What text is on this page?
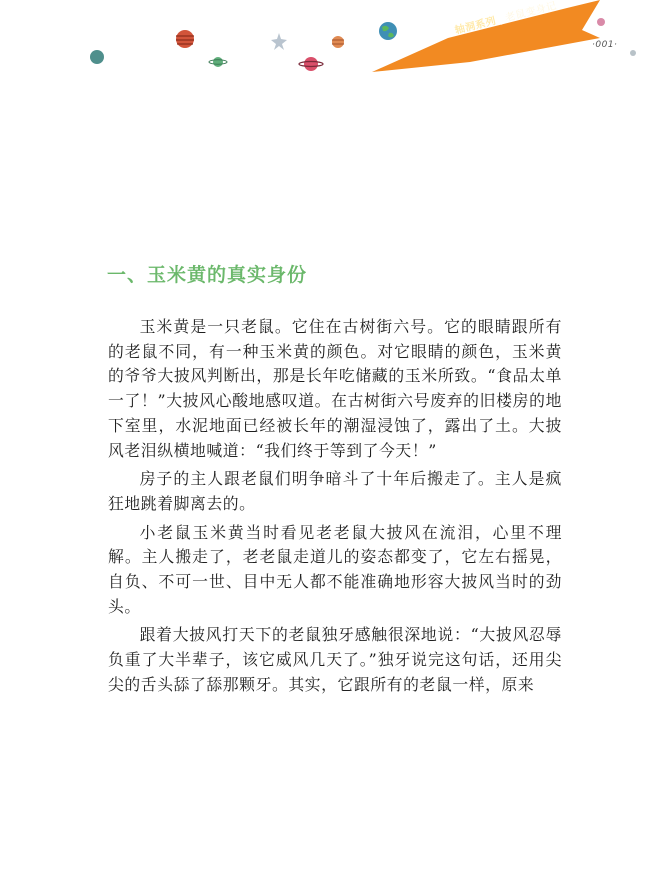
轴洞系列|老鼠变身记
·001·
一、玉米黄的真实身份

玉米黄是一只老鼠。它住在古树街六号。它的眼睛跟所有的老鼠不同，有一种玉米黄的颜色。对它眼睛的颜色，玉米黄的爷爷大披风判断出，那是长年吃储藏的玉米所致。“食品太单一了！”大披风心酸地感叹道。在古树街六号废弃的旧楼房的地下室里，水泥地面已经被长年的潮湿浸蚀了，露出了土。大披风老泪纵横地喊道：“我们终于等到了今天！”

房子的主人跟老鼠们明争暗斗了十年后搬走了。主人是疯狂地跳着脚离去的。

小老鼠玉米黄当时看见老老鼠大披风在流泪，心里不理解。主人搬走了，老老鼠走道儿的姿态都变了，它左右摇晃，自负、不可一世、目中无人都不能准确地形容大披风当时的劲头。

跟着大披风打天下的老鼠独牙感触很深地说：“大披风忍辱负重了大半辈子，该它威风几天了。”独牙说完这句话，还用尖尖的舌头舔了舔那颗牙。其实，它跟所有的老鼠一样，原来
